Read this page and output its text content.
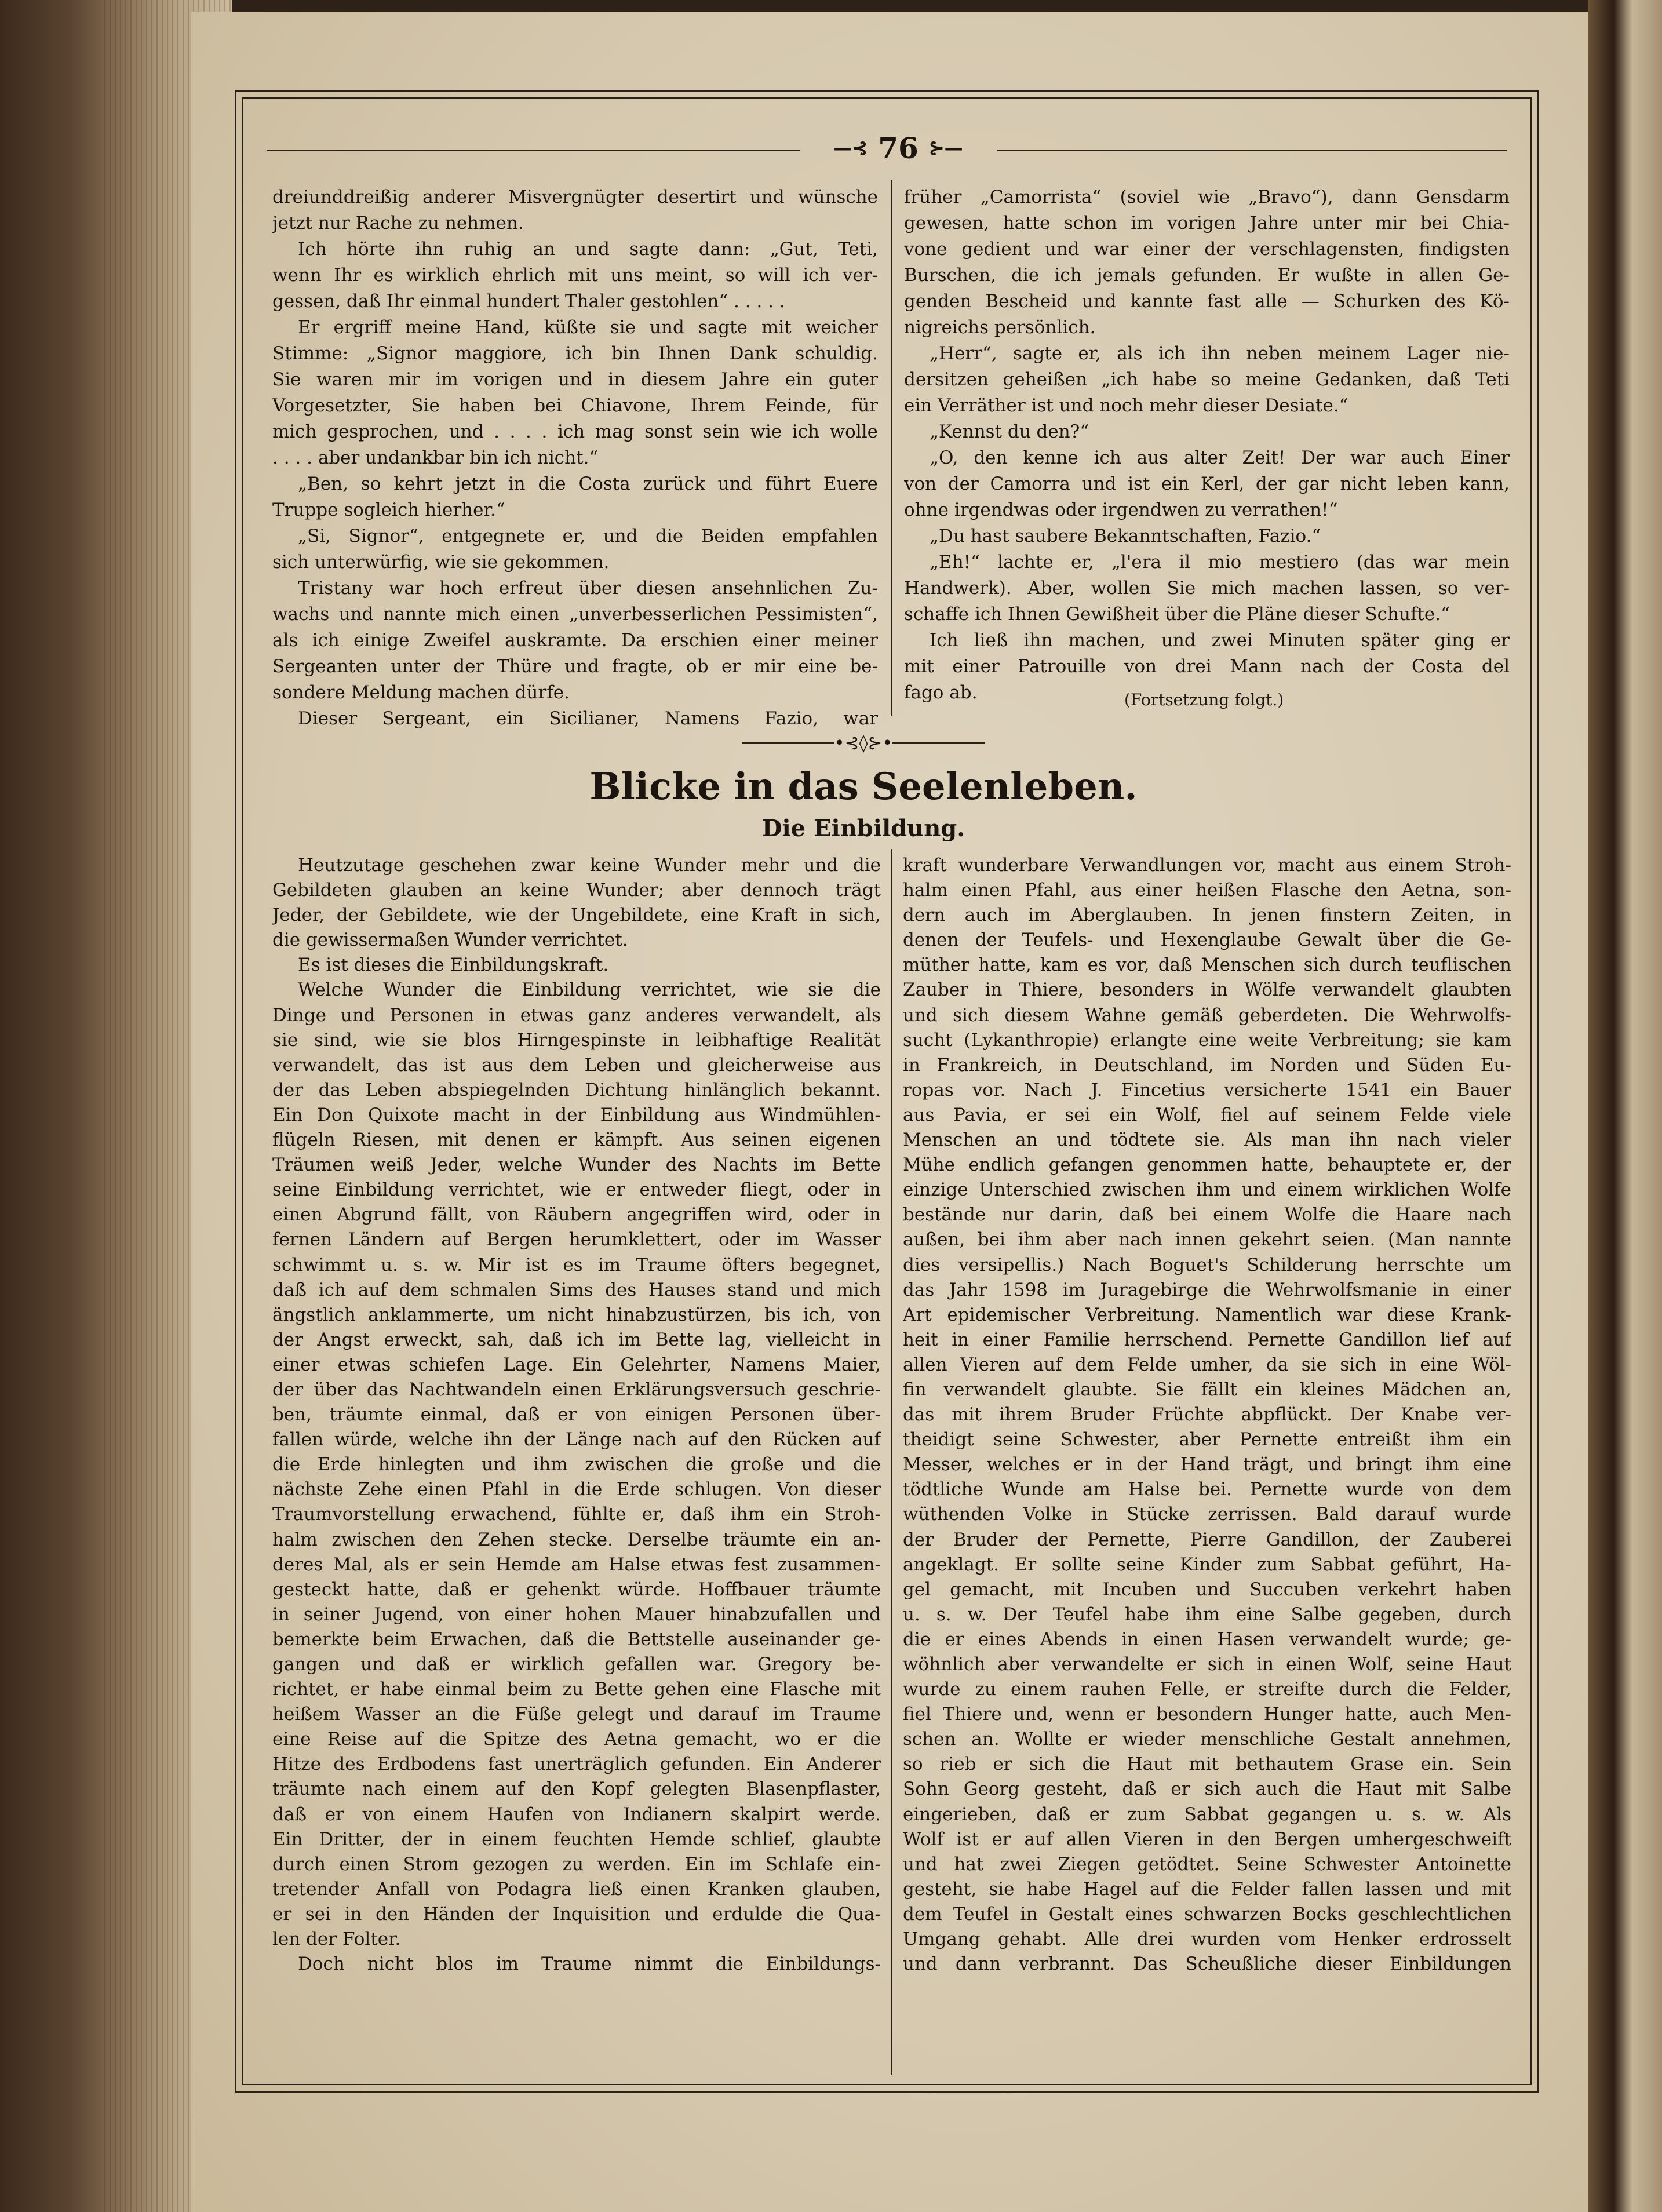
—⊰ 76 ⊱—
dreiunddreißig anderer Misvergnügter desertirt und wünsche
jetzt nur Rache zu nehmen.
Ich hörte ihn ruhig an und sagte dann: „Gut, Teti,
wenn Ihr es wirklich ehrlich mit uns meint, so will ich ver-
gessen, daß Ihr einmal hundert Thaler gestohlen“ . . . . .
Er ergriff meine Hand, küßte sie und sagte mit weicher
Stimme: „Signor maggiore, ich bin Ihnen Dank schuldig.
Sie waren mir im vorigen und in diesem Jahre ein guter
Vorgesetzter, Sie haben bei Chiavone, Ihrem Feinde, für
mich gesprochen, und . . . . ich mag sonst sein wie ich wolle
. . . . aber undankbar bin ich nicht.“
„Ben, so kehrt jetzt in die Costa zurück und führt Euere
Truppe sogleich hierher.“
„Si, Signor“, entgegnete er, und die Beiden empfahlen
sich unterwürfig, wie sie gekommen.
Tristany war hoch erfreut über diesen ansehnlichen Zu-
wachs und nannte mich einen „unverbesserlichen Pessimisten“,
als ich einige Zweifel auskramte. Da erschien einer meiner
Sergeanten unter der Thüre und fragte, ob er mir eine be-
sondere Meldung machen dürfe.
Dieser Sergeant, ein Sicilianer, Namens Fazio, war
früher „Camorrista“ (soviel wie „Bravo“), dann Gensdarm
gewesen, hatte schon im vorigen Jahre unter mir bei Chia-
vone gedient und war einer der verschlagensten, findigsten
Burschen, die ich jemals gefunden. Er wußte in allen Ge-
genden Bescheid und kannte fast alle — Schurken des Kö-
nigreichs persönlich.
„Herr“, sagte er, als ich ihn neben meinem Lager nie-
dersitzen geheißen „ich habe so meine Gedanken, daß Teti
ein Verräther ist und noch mehr dieser Desiate.“
„Kennst du den?“
„O, den kenne ich aus alter Zeit! Der war auch Einer
von der Camorra und ist ein Kerl, der gar nicht leben kann,
ohne irgendwas oder irgendwen zu verrathen!“
„Du hast saubere Bekanntschaften, Fazio.“
„Eh!“ lachte er, „l'era il mio mestiero (das war mein
Handwerk). Aber, wollen Sie mich machen lassen, so ver-
schaffe ich Ihnen Gewißheit über die Pläne dieser Schufte.“
Ich ließ ihn machen, und zwei Minuten später ging er
mit einer Patrouille von drei Mann nach der Costa del
fago ab.	(Fortsetzung folgt.)
•⊰◊⊱•
Blicke in das Seelenleben.
Die Einbildung.
Heutzutage geschehen zwar keine Wunder mehr und die
Gebildeten glauben an keine Wunder; aber dennoch trägt
Jeder, der Gebildete, wie der Ungebildete, eine Kraft in sich,
die gewissermaßen Wunder verrichtet.
Es ist dieses die Einbildungskraft.
Welche Wunder die Einbildung verrichtet, wie sie die
Dinge und Personen in etwas ganz anderes verwandelt, als
sie sind, wie sie blos Hirngespinste in leibhaftige Realität
verwandelt, das ist aus dem Leben und gleicherweise aus
der das Leben abspiegelnden Dichtung hinlänglich bekannt.
Ein Don Quixote macht in der Einbildung aus Windmühlen-
flügeln Riesen, mit denen er kämpft. Aus seinen eigenen
Träumen weiß Jeder, welche Wunder des Nachts im Bette
seine Einbildung verrichtet, wie er entweder fliegt, oder in
einen Abgrund fällt, von Räubern angegriffen wird, oder in
fernen Ländern auf Bergen herumklettert, oder im Wasser
schwimmt u. s. w. Mir ist es im Traume öfters begegnet,
daß ich auf dem schmalen Sims des Hauses stand und mich
ängstlich anklammerte, um nicht hinabzustürzen, bis ich, von
der Angst erweckt, sah, daß ich im Bette lag, vielleicht in
einer etwas schiefen Lage. Ein Gelehrter, Namens Maier,
der über das Nachtwandeln einen Erklärungsversuch geschrie-
ben, träumte einmal, daß er von einigen Personen über-
fallen würde, welche ihn der Länge nach auf den Rücken auf
die Erde hinlegten und ihm zwischen die große und die
nächste Zehe einen Pfahl in die Erde schlugen. Von dieser
Traumvorstellung erwachend, fühlte er, daß ihm ein Stroh-
halm zwischen den Zehen stecke. Derselbe träumte ein an-
deres Mal, als er sein Hemde am Halse etwas fest zusammen-
gesteckt hatte, daß er gehenkt würde. Hoffbauer träumte
in seiner Jugend, von einer hohen Mauer hinabzufallen und
bemerkte beim Erwachen, daß die Bettstelle auseinander ge-
gangen und daß er wirklich gefallen war. Gregory be-
richtet, er habe einmal beim zu Bette gehen eine Flasche mit
heißem Wasser an die Füße gelegt und darauf im Traume
eine Reise auf die Spitze des Aetna gemacht, wo er die
Hitze des Erdbodens fast unerträglich gefunden. Ein Anderer
träumte nach einem auf den Kopf gelegten Blasenpflaster,
daß er von einem Haufen von Indianern skalpirt werde.
Ein Dritter, der in einem feuchten Hemde schlief, glaubte
durch einen Strom gezogen zu werden. Ein im Schlafe ein-
tretender Anfall von Podagra ließ einen Kranken glauben,
er sei in den Händen der Inquisition und erdulde die Qua-
len der Folter.
Doch nicht blos im Traume nimmt die Einbildungs-
kraft wunderbare Verwandlungen vor, macht aus einem Stroh-
halm einen Pfahl, aus einer heißen Flasche den Aetna, son-
dern auch im Aberglauben. In jenen finstern Zeiten, in
denen der Teufels- und Hexenglaube Gewalt über die Ge-
müther hatte, kam es vor, daß Menschen sich durch teuflischen
Zauber in Thiere, besonders in Wölfe verwandelt glaubten
und sich diesem Wahne gemäß geberdeten. Die Wehrwolfs-
sucht (Lykanthropie) erlangte eine weite Verbreitung; sie kam
in Frankreich, in Deutschland, im Norden und Süden Eu-
ropas vor. Nach J. Fincetius versicherte 1541 ein Bauer
aus Pavia, er sei ein Wolf, fiel auf seinem Felde viele
Menschen an und tödtete sie. Als man ihn nach vieler
Mühe endlich gefangen genommen hatte, behauptete er, der
einzige Unterschied zwischen ihm und einem wirklichen Wolfe
bestände nur darin, daß bei einem Wolfe die Haare nach
außen, bei ihm aber nach innen gekehrt seien. (Man nannte
dies versipellis.) Nach Boguet's Schilderung herrschte um
das Jahr 1598 im Juragebirge die Wehrwolfsmanie in einer
Art epidemischer Verbreitung. Namentlich war diese Krank-
heit in einer Familie herrschend. Pernette Gandillon lief auf
allen Vieren auf dem Felde umher, da sie sich in eine Wöl-
fin verwandelt glaubte. Sie fällt ein kleines Mädchen an,
das mit ihrem Bruder Früchte abpflückt. Der Knabe ver-
theidigt seine Schwester, aber Pernette entreißt ihm ein
Messer, welches er in der Hand trägt, und bringt ihm eine
tödtliche Wunde am Halse bei. Pernette wurde von dem
wüthenden Volke in Stücke zerrissen. Bald darauf wurde
der Bruder der Pernette, Pierre Gandillon, der Zauberei
angeklagt. Er sollte seine Kinder zum Sabbat geführt, Ha-
gel gemacht, mit Incuben und Succuben verkehrt haben
u. s. w. Der Teufel habe ihm eine Salbe gegeben, durch
die er eines Abends in einen Hasen verwandelt wurde; ge-
wöhnlich aber verwandelte er sich in einen Wolf, seine Haut
wurde zu einem rauhen Felle, er streifte durch die Felder,
fiel Thiere und, wenn er besondern Hunger hatte, auch Men-
schen an. Wollte er wieder menschliche Gestalt annehmen,
so rieb er sich die Haut mit bethautem Grase ein. Sein
Sohn Georg gesteht, daß er sich auch die Haut mit Salbe
eingerieben, daß er zum Sabbat gegangen u. s. w. Als
Wolf ist er auf allen Vieren in den Bergen umhergeschweift
und hat zwei Ziegen getödtet. Seine Schwester Antoinette
gesteht, sie habe Hagel auf die Felder fallen lassen und mit
dem Teufel in Gestalt eines schwarzen Bocks geschlechtlichen
Umgang gehabt. Alle drei wurden vom Henker erdrosselt
und dann verbrannt. Das Scheußliche dieser Einbildungen
